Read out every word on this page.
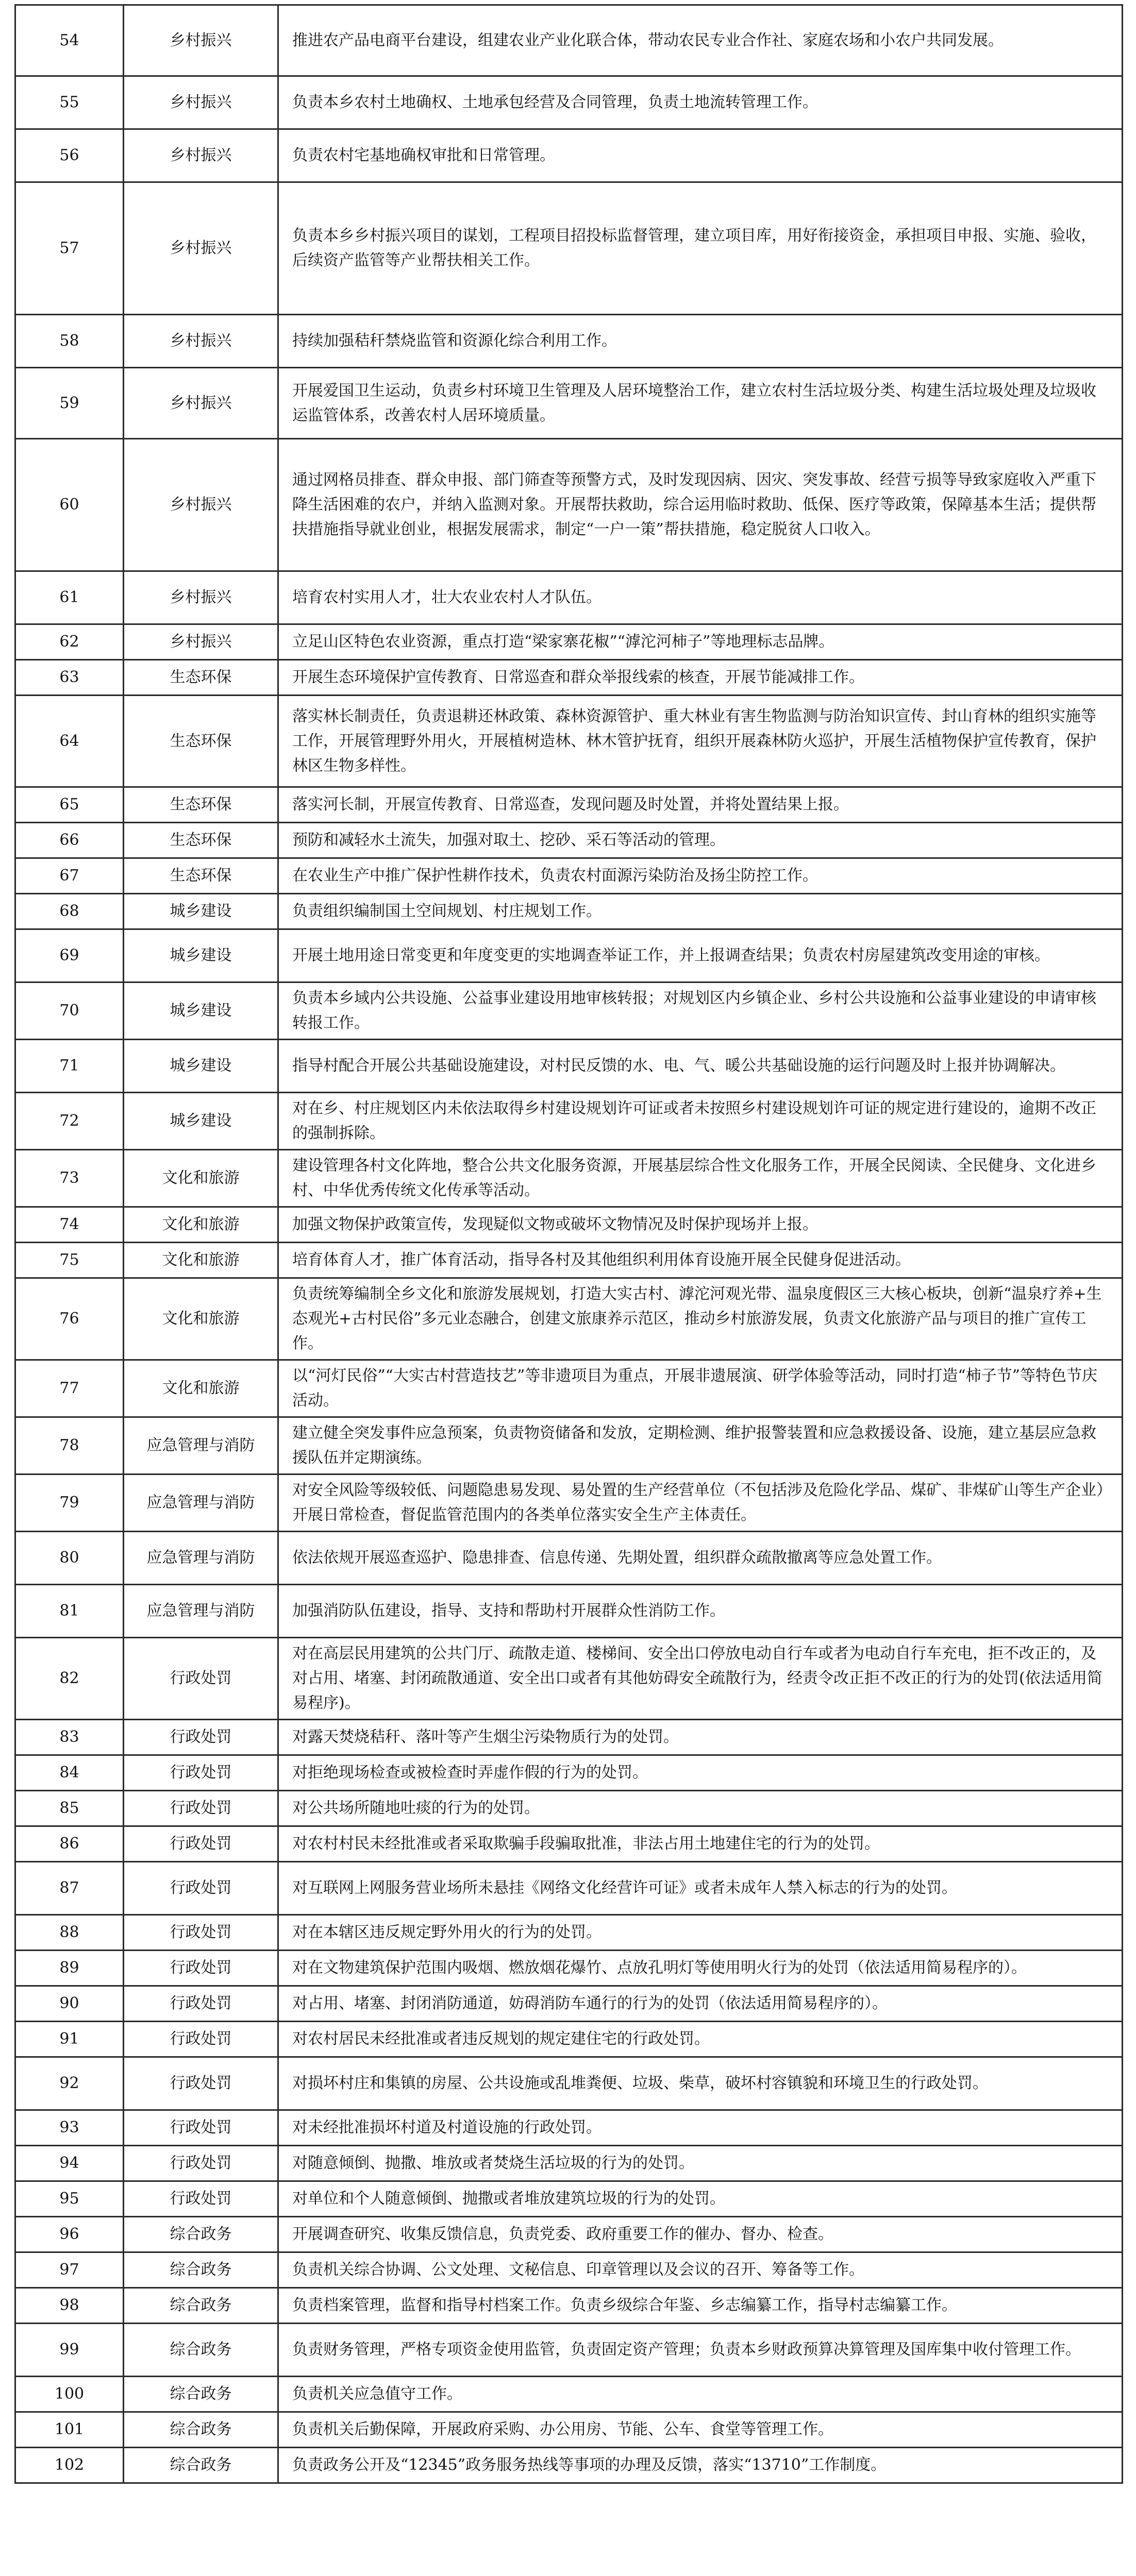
54	乡村振兴	推进农产品电商平台建设，组建农业产业化联合体，带动农民专业合作社、家庭农场和小农户共同发展。
55	乡村振兴	负责本乡农村土地确权、土地承包经营及合同管理，负责土地流转管理工作。
56	乡村振兴	负责农村宅基地确权审批和日常管理。
57	乡村振兴	负责本乡乡村振兴项目的谋划，工程项目招投标监督管理，建立项目库，用好衔接资金，承担项目申报、实施、验收，后续资产监管等产业帮扶相关工作。
58	乡村振兴	持续加强秸秆禁烧监管和资源化综合利用工作。
59	乡村振兴	开展爱国卫生运动，负责乡村环境卫生管理及人居环境整治工作，建立农村生活垃圾分类、构建生活垃圾处理及垃圾收运监管体系，改善农村人居环境质量。
60	乡村振兴	通过网格员排查、群众申报、部门筛查等预警方式，及时发现因病、因灾、突发事故、经营亏损等导致家庭收入严重下降生活困难的农户，并纳入监测对象。开展帮扶救助，综合运用临时救助、低保、医疗等政策，保障基本生活；提供帮扶措施指导就业创业，根据发展需求，制定“一户一策”帮扶措施，稳定脱贫人口收入。
61	乡村振兴	培育农村实用人才，壮大农业农村人才队伍。
62	乡村振兴	立足山区特色农业资源，重点打造“梁家寨花椒”“滹沱河柿子”等地理标志品牌。
63	生态环保	开展生态环境保护宣传教育、日常巡查和群众举报线索的核查，开展节能减排工作。
64	生态环保	落实林长制责任，负责退耕还林政策、森林资源管护、重大林业有害生物监测与防治知识宣传、封山育林的组织实施等工作，开展管理野外用火，开展植树造林、林木管护抚育，组织开展森林防火巡护，开展生活植物保护宣传教育，保护林区生物多样性。
65	生态环保	落实河长制，开展宣传教育、日常巡查，发现问题及时处置，并将处置结果上报。
66	生态环保	预防和减轻水土流失，加强对取土、挖砂、采石等活动的管理。
67	生态环保	在农业生产中推广保护性耕作技术，负责农村面源污染防治及扬尘防控工作。
68	城乡建设	负责组织编制国土空间规划、村庄规划工作。
69	城乡建设	开展土地用途日常变更和年度变更的实地调查举证工作，并上报调查结果；负责农村房屋建筑改变用途的审核。
70	城乡建设	负责本乡域内公共设施、公益事业建设用地审核转报；对规划区内乡镇企业、乡村公共设施和公益事业建设的申请审核转报工作。
71	城乡建设	指导村配合开展公共基础设施建设，对村民反馈的水、电、气、暖公共基础设施的运行问题及时上报并协调解决。
72	城乡建设	对在乡、村庄规划区内未依法取得乡村建设规划许可证或者未按照乡村建设规划许可证的规定进行建设的，逾期不改正的强制拆除。
73	文化和旅游	建设管理各村文化阵地，整合公共文化服务资源，开展基层综合性文化服务工作，开展全民阅读、全民健身、文化进乡村、中华优秀传统文化传承等活动。
74	文化和旅游	加强文物保护政策宣传，发现疑似文物或破坏文物情况及时保护现场并上报。
75	文化和旅游	培育体育人才，推广体育活动，指导各村及其他组织利用体育设施开展全民健身促进活动。
76	文化和旅游	负责统筹编制全乡文化和旅游发展规划，打造大实古村、滹沱河观光带、温泉度假区三大核心板块，创新“温泉疗养+生态观光+古村民俗”多元业态融合，创建文旅康养示范区，推动乡村旅游发展，负责文化旅游产品与项目的推广宣传工作。
77	文化和旅游	以“河灯民俗”“大实古村营造技艺”等非遗项目为重点，开展非遗展演、研学体验等活动，同时打造“柿子节”等特色节庆活动。
78	应急管理与消防	建立健全突发事件应急预案，负责物资储备和发放，定期检测、维护报警装置和应急救援设备、设施，建立基层应急救援队伍并定期演练。
79	应急管理与消防	对安全风险等级较低、问题隐患易发现、易处置的生产经营单位（不包括涉及危险化学品、煤矿、非煤矿山等生产企业）开展日常检查，督促监管范围内的各类单位落实安全生产主体责任。
80	应急管理与消防	依法依规开展巡查巡护、隐患排查、信息传递、先期处置，组织群众疏散撤离等应急处置工作。
81	应急管理与消防	加强消防队伍建设，指导、支持和帮助村开展群众性消防工作。
82	行政处罚	对在高层民用建筑的公共门厅、疏散走道、楼梯间、安全出口停放电动自行车或者为电动自行车充电，拒不改正的，及对占用、堵塞、封闭疏散通道、安全出口或者有其他妨碍安全疏散行为，经责令改正拒不改正的行为的处罚(依法适用简易程序)。
83	行政处罚	对露天焚烧秸秆、落叶等产生烟尘污染物质行为的处罚。
84	行政处罚	对拒绝现场检查或被检查时弄虚作假的行为的处罚。
85	行政处罚	对公共场所随地吐痰的行为的处罚。
86	行政处罚	对农村村民未经批准或者采取欺骗手段骗取批准，非法占用土地建住宅的行为的处罚。
87	行政处罚	对互联网上网服务营业场所未悬挂《网络文化经营许可证》或者未成年人禁入标志的行为的处罚。
88	行政处罚	对在本辖区违反规定野外用火的行为的处罚。
89	行政处罚	对在文物建筑保护范围内吸烟、燃放烟花爆竹、点放孔明灯等使用明火行为的处罚（依法适用简易程序的）。
90	行政处罚	对占用、堵塞、封闭消防通道，妨碍消防车通行的行为的处罚（依法适用简易程序的）。
91	行政处罚	对农村居民未经批准或者违反规划的规定建住宅的行政处罚。
92	行政处罚	对损坏村庄和集镇的房屋、公共设施或乱堆粪便、垃圾、柴草，破坏村容镇貌和环境卫生的行政处罚。
93	行政处罚	对未经批准损坏村道及村道设施的行政处罚。
94	行政处罚	对随意倾倒、抛撒、堆放或者焚烧生活垃圾的行为的处罚。
95	行政处罚	对单位和个人随意倾倒、抛撒或者堆放建筑垃圾的行为的处罚。
96	综合政务	开展调查研究、收集反馈信息，负责党委、政府重要工作的催办、督办、检查。
97	综合政务	负责机关综合协调、公文处理、文秘信息、印章管理以及会议的召开、筹备等工作。
98	综合政务	负责档案管理，监督和指导村档案工作。负责乡级综合年鉴、乡志编纂工作，指导村志编纂工作。
99	综合政务	负责财务管理，严格专项资金使用监管，负责固定资产管理；负责本乡财政预算决算管理及国库集中收付管理工作。
100	综合政务	负责机关应急值守工作。
101	综合政务	负责机关后勤保障，开展政府采购、办公用房、节能、公车、食堂等管理工作。
102	综合政务	负责政务公开及“12345”政务服务热线等事项的办理及反馈，落实“13710”工作制度。
